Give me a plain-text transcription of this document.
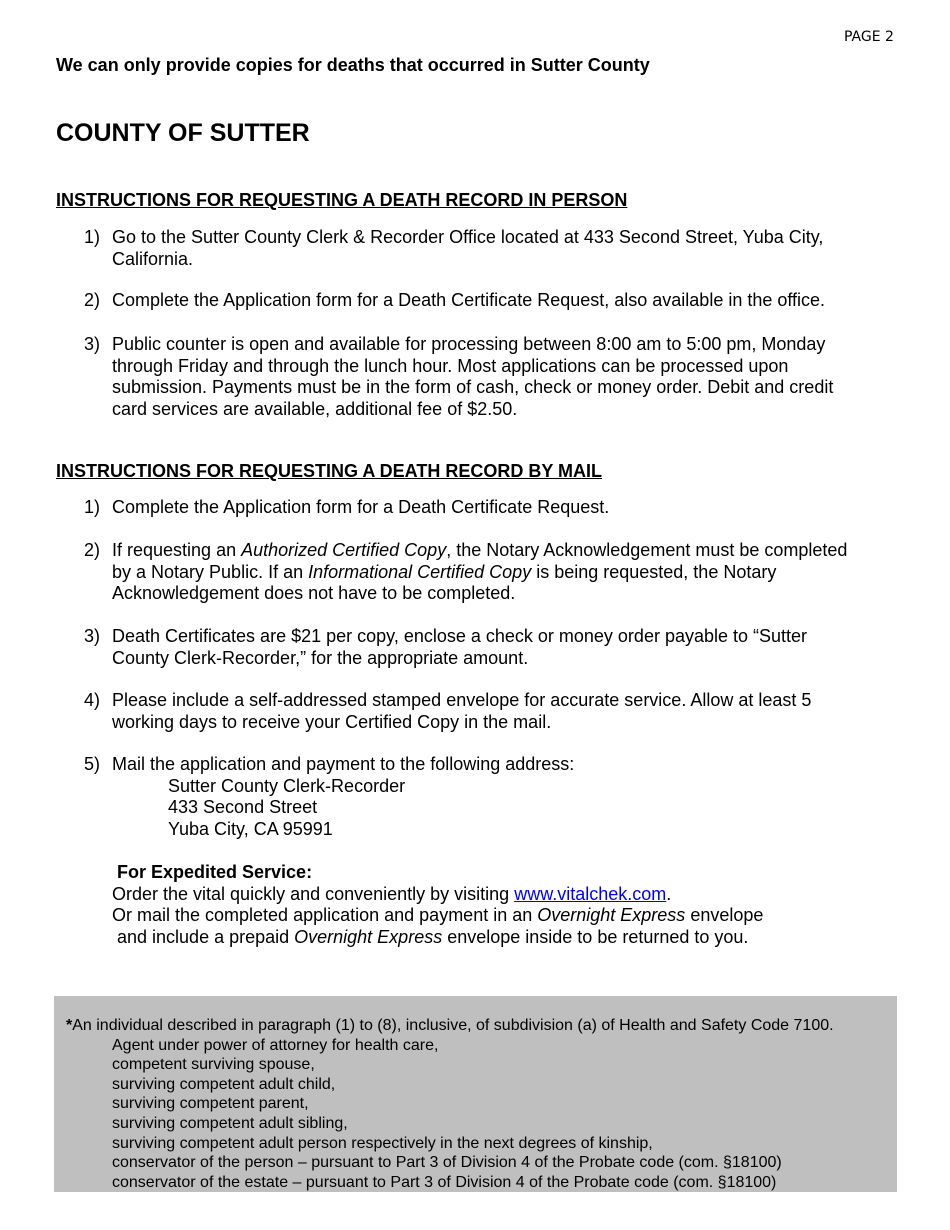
PAGE 2
We can only provide copies for deaths that occurred in Sutter County
COUNTY OF SUTTER
INSTRUCTIONS FOR REQUESTING A DEATH RECORD IN PERSON
1) Go to the Sutter County Clerk & Recorder Office located at 433 Second Street, Yuba City,
California.
2) Complete the Application form for a Death Certificate Request, also available in the office.
3) Public counter is open and available for processing between 8:00 am to 5:00 pm, Monday
through Friday and through the lunch hour. Most applications can be processed upon
submission. Payments must be in the form of cash, check or money order. Debit and credit
card services are available, additional fee of $2.50.
INSTRUCTIONS FOR REQUESTING A DEATH RECORD BY MAIL
1) Complete the Application form for a Death Certificate Request.
2) If requesting an Authorized Certified Copy, the Notary Acknowledgement must be completed
by a Notary Public. If an Informational Certified Copy is being requested, the Notary
Acknowledgement does not have to be completed.
3) Death Certificates are $21 per copy, enclose a check or money order payable to “Sutter
County Clerk-Recorder,” for the appropriate amount.
4) Please include a self-addressed stamped envelope for accurate service. Allow at least 5
working days to receive your Certified Copy in the mail.
5) Mail the application and payment to the following address:
Sutter County Clerk-Recorder
433 Second Street
Yuba City, CA 95991
For Expedited Service:
Order the vital quickly and conveniently by visiting www.vitalchek.com.
Or mail the completed application and payment in an Overnight Express envelope
and include a prepaid Overnight Express envelope inside to be returned to you.
*An individual described in paragraph (1) to (8), inclusive, of subdivision (a) of Health and Safety Code 7100.
Agent under power of attorney for health care,
competent surviving spouse,
surviving competent adult child,
surviving competent parent,
surviving competent adult sibling,
surviving competent adult person respectively in the next degrees of kinship,
conservator of the person – pursuant to Part 3 of Division 4 of the Probate code (com. §18100)
conservator of the estate – pursuant to Part 3 of Division 4 of the Probate code (com. §18100)
